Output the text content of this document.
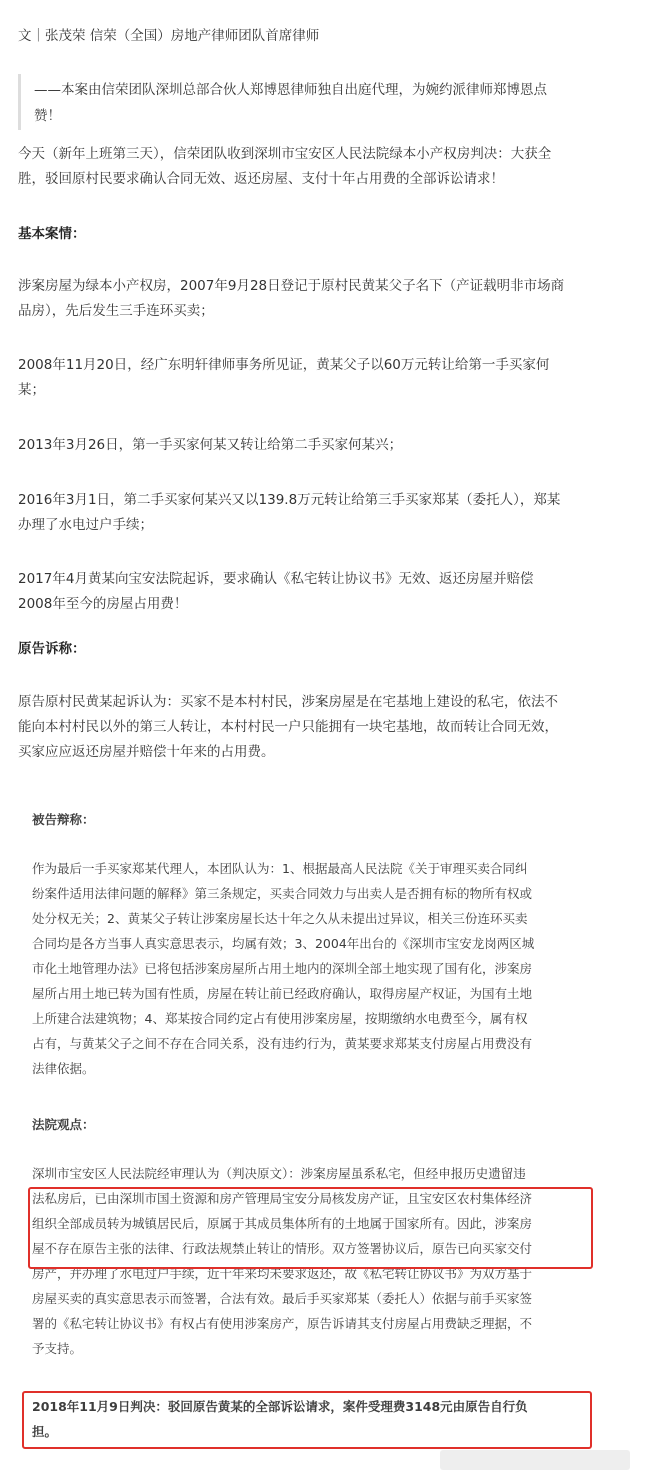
文｜张茂荣 信荣（全国）房地产律师团队首席律师

——本案由信荣团队深圳总部合伙人郑博恩律师独自出庭代理，为婉约派律师郑博恩点

赞！

今天（新年上班第三天），信荣团队收到深圳市宝安区人民法院绿本小产权房判决：大获全

胜，驳回原村民要求确认合同无效、返还房屋、支付十年占用费的全部诉讼请求！

基本案情：

涉案房屋为绿本小产权房，2007年9月28日登记于原村民黄某父子名下（产证载明非市场商

品房），先后发生三手连环买卖；

2008年11月20日，经广东明轩律师事务所见证，黄某父子以60万元转让给第一手买家何

某；

2013年3月26日，第一手买家何某又转让给第二手买家何某兴；

2016年3月1日，第二手买家何某兴又以139.8万元转让给第三手买家郑某（委托人），郑某

办理了水电过户手续；

2017年4月黄某向宝安法院起诉，要求确认《私宅转让协议书》无效、返还房屋并赔偿

2008年至今的房屋占用费！

原告诉称：

原告原村民黄某起诉认为：买家不是本村村民，涉案房屋是在宅基地上建设的私宅，依法不

能向本村村民以外的第三人转让，本村村民一户只能拥有一块宅基地，故而转让合同无效，

买家应应返还房屋并赔偿十年来的占用费。

被告辩称：

作为最后一手买家郑某代理人，本团队认为：1、根据最高人民法院《关于审理买卖合同纠

纷案件适用法律问题的解释》第三条规定，买卖合同效力与出卖人是否拥有标的物所有权或

处分权无关；2、黄某父子转让涉案房屋长达十年之久从未提出过异议，相关三份连环买卖

合同均是各方当事人真实意思表示，均属有效；3、2004年出台的《深圳市宝安龙岗两区城

市化土地管理办法》已将包括涉案房屋所占用土地内的深圳全部土地实现了国有化，涉案房

屋所占用土地已转为国有性质，房屋在转让前已经政府确认，取得房屋产权证，为国有土地

上所建合法建筑物；4、郑某按合同约定占有使用涉案房屋，按期缴纳水电费至今，属有权

占有，与黄某父子之间不存在合同关系，没有违约行为，黄某要求郑某支付房屋占用费没有

法律依据。

法院观点：

深圳市宝安区人民法院经审理认为（判决原文）：涉案房屋虽系私宅，但经申报历史遗留违

法私房后，已由深圳市国土资源和房产管理局宝安分局核发房产证，且宝安区农村集体经济

组织全部成员转为城镇居民后，原属于其成员集体所有的土地属于国家所有。因此，涉案房

屋不存在原告主张的法律、行政法规禁止转让的情形。双方签署协议后，原告已向买家交付

房产，并办理了水电过户手续，近十年来均未要求返还，故《私宅转让协议书》为双方基于

房屋买卖的真实意思表示而签署，合法有效。最后手买家郑某（委托人）依据与前手买家签

署的《私宅转让协议书》有权占有使用涉案房产，原告诉请其支付房屋占用费缺乏理据，不

予支持。

2018年11月9日判决：驳回原告黄某的全部诉讼请求，案件受理费3148元由原告自行负

担。
